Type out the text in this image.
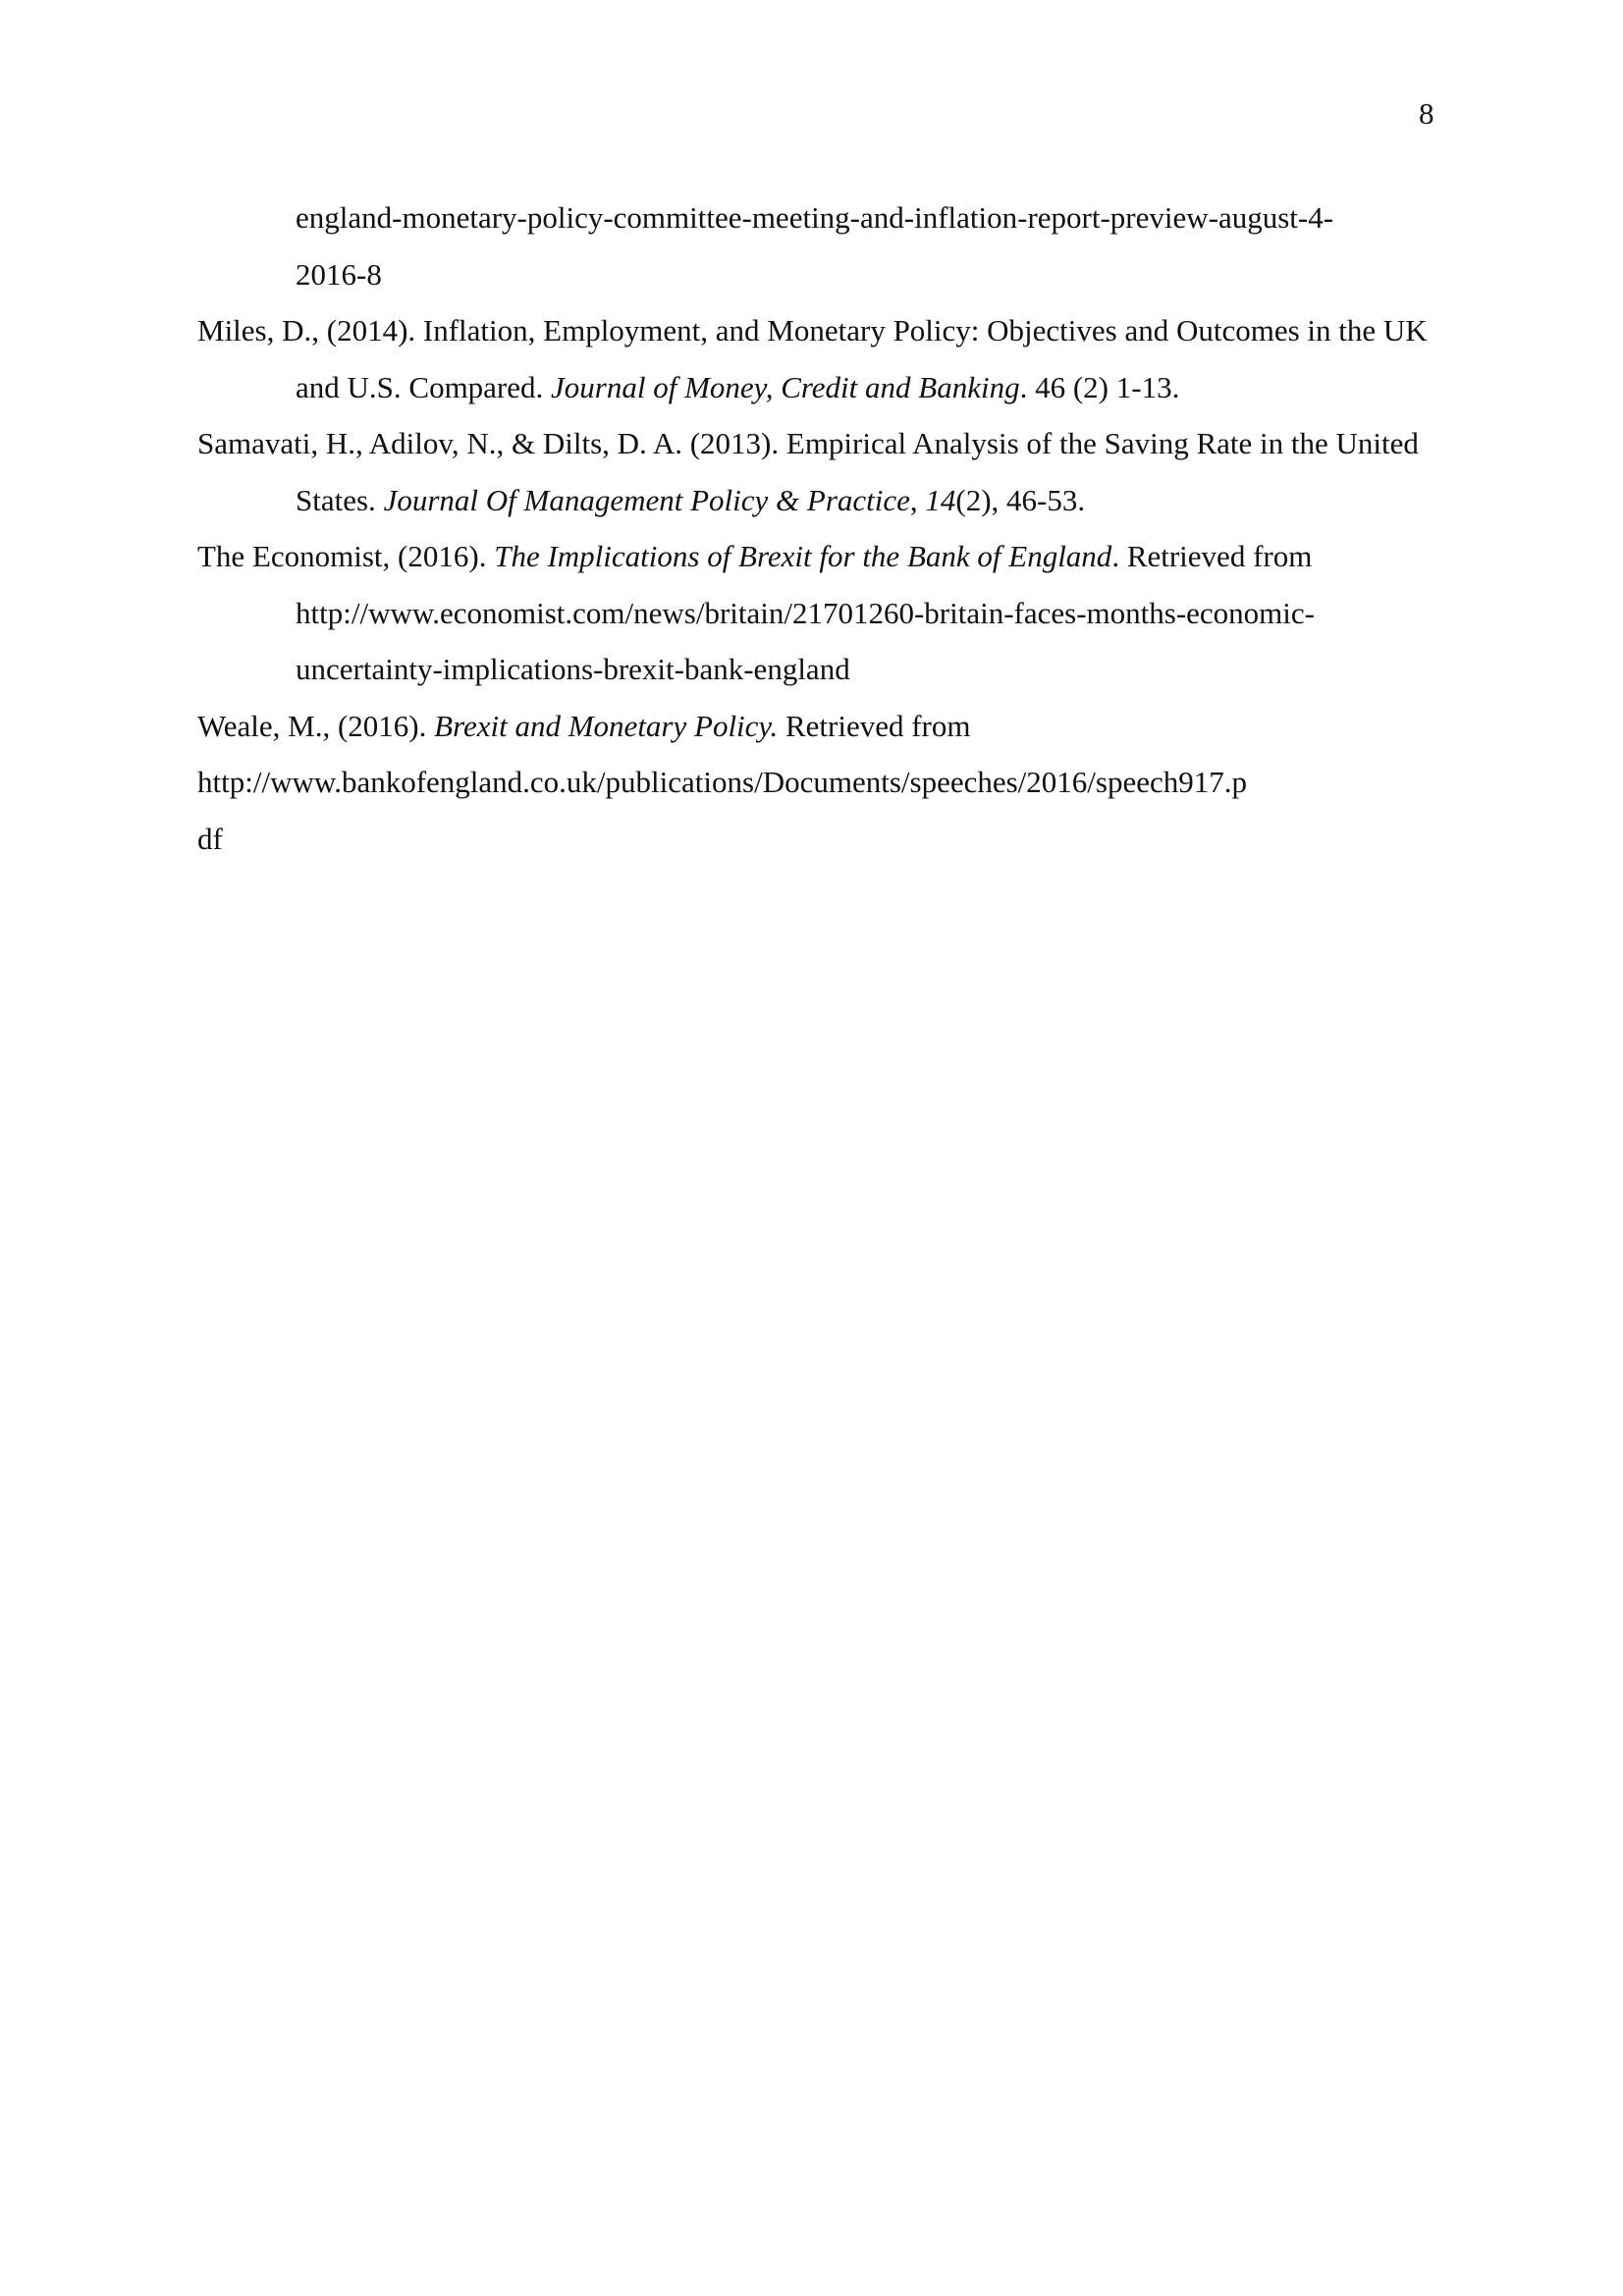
8

england-monetary-policy-committee-meeting-and-inflation-report-preview-august-4-
2016-8

Miles, D., (2014). Inflation, Employment, and Monetary Policy: Objectives and Outcomes in the UK and U.S. Compared. Journal of Money, Credit and Banking. 46 (2) 1-13.

Samavati, H., Adilov, N., & Dilts, D. A. (2013). Empirical Analysis of the Saving Rate in the United States. Journal Of Management Policy & Practice, 14(2), 46-53.

The Economist, (2016). The Implications of Brexit for the Bank of England. Retrieved from http://www.economist.com/news/britain/21701260-britain-faces-months-economic-uncertainty-implications-brexit-bank-england

Weale, M., (2016). Brexit and Monetary Policy. Retrieved from
http://www.bankofengland.co.uk/publications/Documents/speeches/2016/speech917.p
df
